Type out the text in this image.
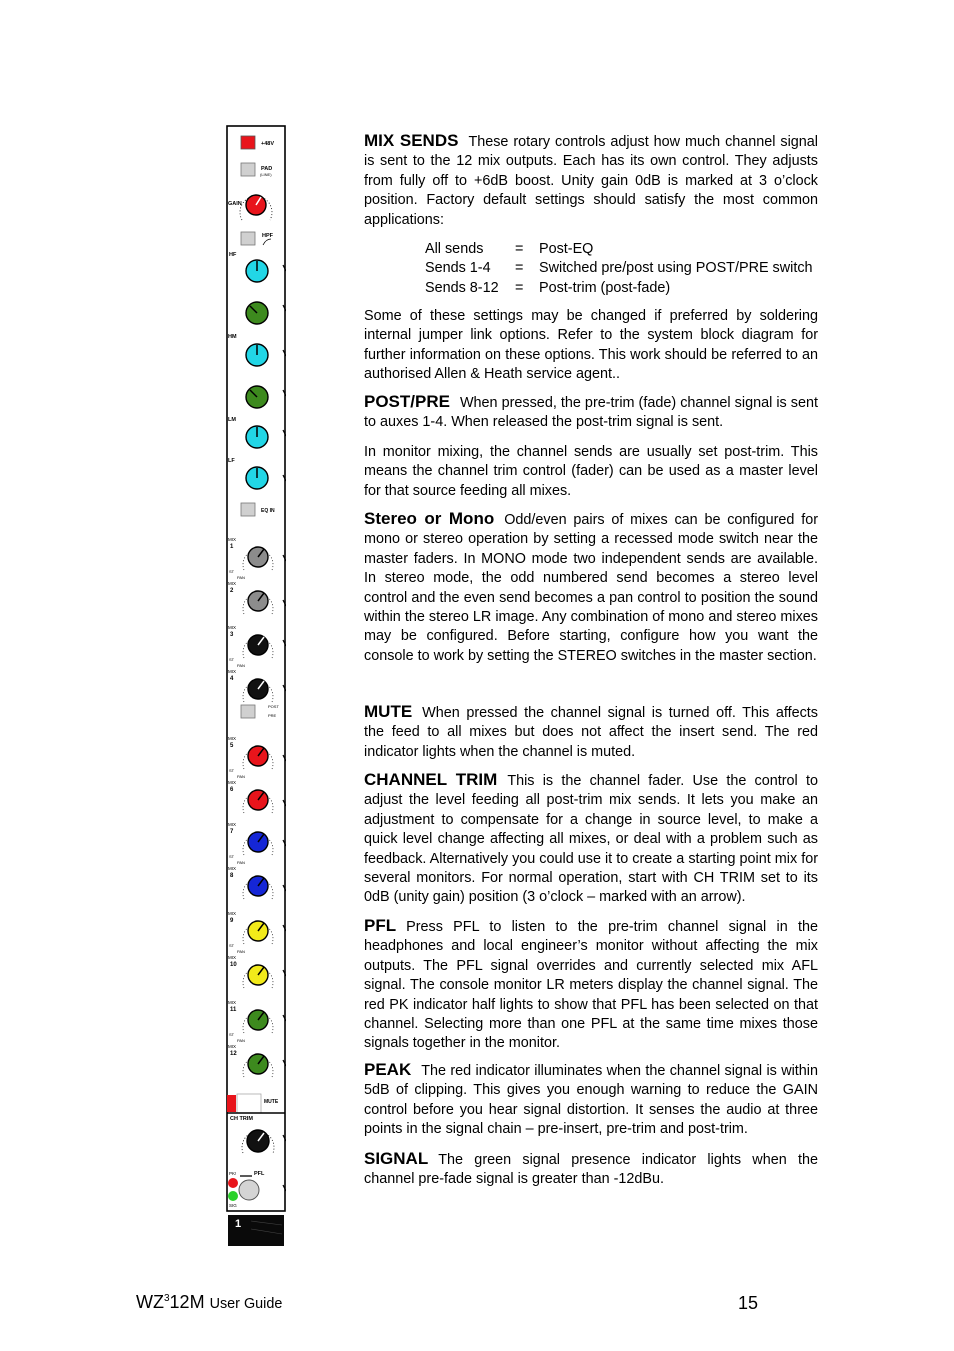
+48V
PAD
(LINE)
GAIN
HPF
HF
HM
LM
LF
EQ IN
MIX
1
ST
PAN
MIX
2
MIX
3
ST
PAN
MIX
4
MIX
5
ST
PAN
MIX
6
MIX
7
ST
PAN
MIX
8
MIX
9
ST
PAN
MIX
10
MIX
11
ST
PAN
MIX
12
POST
PRE
MUTE
CH TRIM
PK!	PFL
SIG
1

MIX SENDS These rotary controls adjust how much channel signal is sent to the 12 mix outputs. Each has its own control. They adjusts from fully off to +6dB boost. Unity gain 0dB is marked at 3 o’clock position. Factory default settings should satisfy the most common applications:

All sends = Post-EQ
Sends 1-4 = Switched pre/post using POST/PRE switch
Sends 8-12 = Post-trim (post-fade)

Some of these settings may be changed if preferred by soldering internal jumper link options. Refer to the system block diagram for further information on these options. This work should be referred to an authorised Allen & Heath service agent..

POST/PRE When pressed, the pre-trim (fade) channel signal is sent to auxes 1-4. When released the post-trim signal is sent.

In monitor mixing, the channel sends are usually set post-trim. This means the channel trim control (fader) can be used as a master level for that source feeding all mixes.

Stereo or Mono Odd/even pairs of mixes can be configured for mono or stereo operation by setting a recessed mode switch near the master faders. In MONO mode two independent sends are available. In stereo mode, the odd numbered send becomes a stereo level control and the even send becomes a pan control to position the sound within the stereo LR image. Any combination of mono and stereo mixes may be configured. Before starting, configure how you want the console to work by setting the STEREO switches in the master section.

MUTE When pressed the channel signal is turned off. This affects the feed to all mixes but does not affect the insert send. The red indicator lights when the channel is muted.

CHANNEL TRIM This is the channel fader. Use the control to adjust the level feeding all post-trim mix sends. It lets you make an adjustment to compensate for a change in source level, to make a quick level change affecting all mixes, or deal with a problem such as feedback. Alternatively you could use it to create a starting point mix for several monitors. For normal operation, start with CH TRIM set to its 0dB (unity gain) position (3 o’clock – marked with an arrow).

PFL Press PFL to listen to the pre-trim channel signal in the headphones and local engineer’s monitor without affecting the mix outputs. The PFL signal overrides and currently selected mix AFL signal. The console monitor LR meters display the channel signal. The red PK indicator half lights to show that PFL has been selected on that channel. Selecting more than one PFL at the same time mixes those signals together in the monitor.

PEAK The red indicator illuminates when the channel signal is within 5dB of clipping. This gives you enough warning to reduce the GAIN control before you hear signal distortion. It senses the audio at three points in the signal chain – pre-insert, pre-trim and post-trim.

SIGNAL The green signal presence indicator lights when the channel pre-fade signal is greater than -12dBu.

$WZ^312M$ User Guide	15
